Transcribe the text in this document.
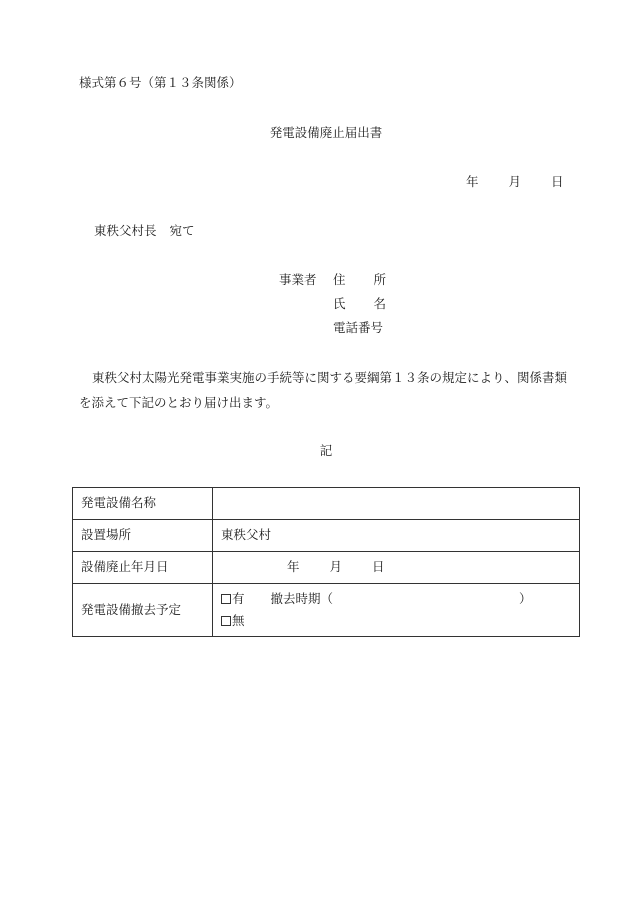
様式第６号（第１３条関係）
発電設備廃止届出書
年 月 日
東秩父村長 宛て
事業者 住 所
氏 名
電話番号
東秩父村太陽光発電事業実施の手続等に関する要綱第１３条の規定により、関係書類を添えて下記のとおり届け出ます。
記
発電設備名称	
設置場所	東秩父村
設備廃止年月日	年 月 日
発電設備撤去予定	有 撤去時期（ ）
無
